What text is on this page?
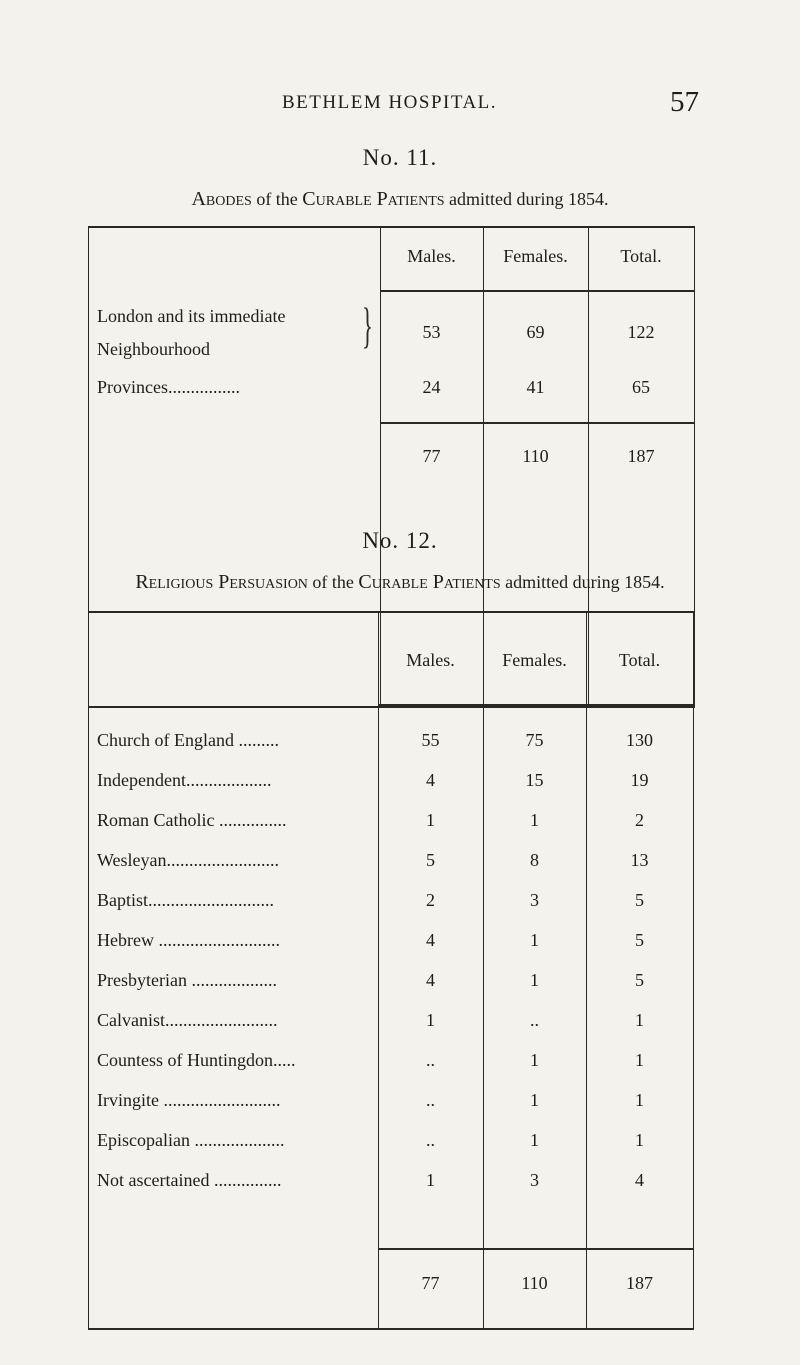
BETHLEM HOSPITAL.	57
No. 11.
Abodes of the Curable Patients admitted during 1854.
Males.	Females.	Total.
London and its immediate
Neighbourhood	}	53	69	122
Provinces................	24	41	65
77	110	187
No. 12.
Religious Persuasion of the Curable Patients admitted during 1854.
Males.	Females.	Total.
Church of England .........	55	75	130
Independent...................	4	15	19
Roman Catholic ...............	1	1	2
Wesleyan.........................	5	8	13
Baptist............................	2	3	5
Hebrew ...........................	4	1	5
Presbyterian ...................	4	1	5
Calvanist.........................	1	..	1
Countess of Huntingdon.....	..	1	1
Irvingite ..........................	..	1	1
Episcopalian ....................	..	1	1
Not ascertained ...............	1	3	4
77	110	187
